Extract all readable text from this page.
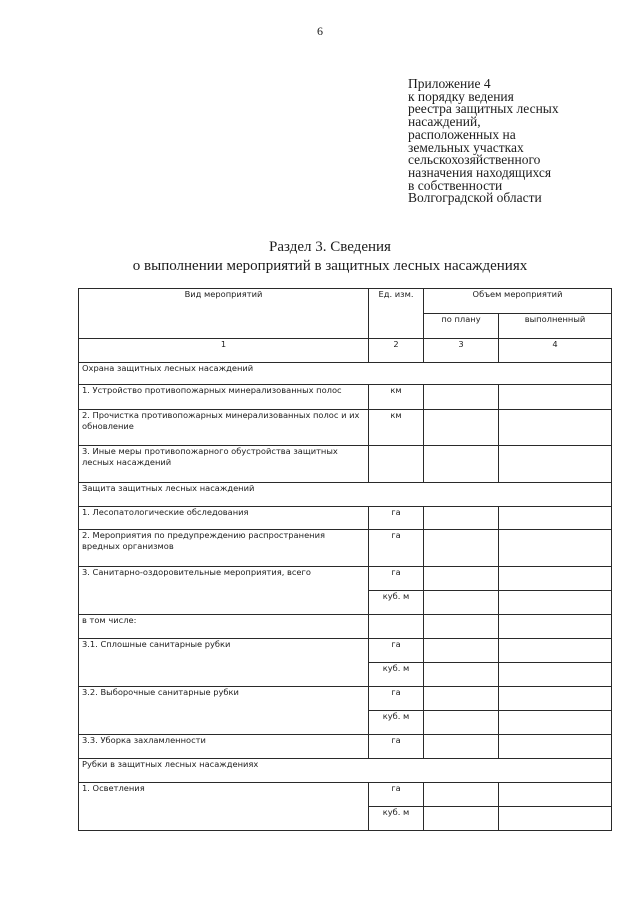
6
Приложение 4
к порядку ведения
реестра защитных лесных
насаждений,
расположенных на
земельных участках
сельскохозяйственного
назначения находящихся
в собственности
Волгоградской области
Раздел 3. Сведения
о выполнении мероприятий в защитных лесных насаждениях
Вид мероприятий	Ед. изм.	Объем мероприятий	
		по плану	выполненный
1	2	3	4
Охрана защитных лесных насаждений			
1. Устройство противопожарных минерализованных полос	км		
2. Прочистка противопожарных минерализованных полос и их обновление	км		
3. Иные меры противопожарного обустройства защитных лесных насаждений			
Защита защитных лесных насаждений			
1. Лесопатологические обследования	га		
2. Мероприятия по предупреждению распространения вредных организмов	га		
3. Санитарно-оздоровительные мероприятия, всего	га		
	куб. м		
в том числе:			
3.1. Сплошные санитарные рубки	га		
	куб. м		
3.2. Выборочные санитарные рубки	га		
	куб. м		
3.3. Уборка захламленности	га		
Рубки в защитных лесных насаждениях			
1. Осветления	га		
	куб. м		
